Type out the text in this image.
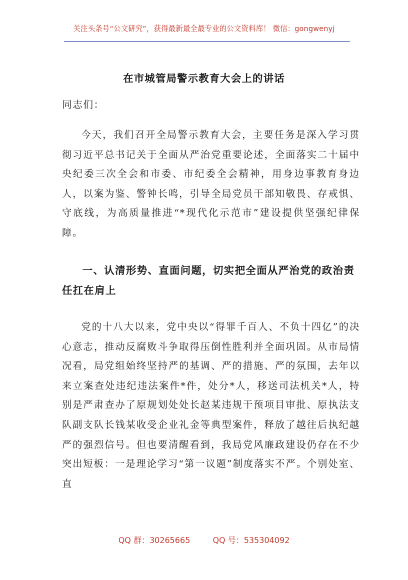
关注头条号“公文研究”，获得最新最全最专业的公文资料库！ 微信：gongwenyj
在市城管局警示教育大会上的讲话
同志们：

今天，我们召开全局警示教育大会，主要任务是深入学习贯彻习近平总书记关于全面从严治党重要论述，全面落实二十届中央纪委三次全会和市委、市纪委全会精神，用身边事教育身边人，以案为鉴、警钟长鸣，引导全局党员干部知敬畏、存戒惧、守底线，为高质量推进“*现代化示范市”建设提供坚强纪律保障。

一、认清形势、直面问题，切实把全面从严治党的政治责任扛在肩上

党的十八大以来，党中央以“得罪千百人、不负十四亿”的决心意志，推动反腐败斗争取得压倒性胜利并全面巩固。从市局情况看，局党组始终坚持严的基调、严的措施、严的氛围，去年以来立案查处违纪违法案件*件，处分*人，移送司法机关*人，特别是严肃查办了原规划处处长赵某违规干预项目审批、原执法支队副支队长钱某收受企业礼金等典型案件，释放了越往后执纪越严的强烈信号。但也要清醒看到，我局党风廉政建设仍存在不少突出短板：一是理论学习“第一议题”制度落实不严。个别处室、直

QQ 群：30265665	QQ 号：535304092
